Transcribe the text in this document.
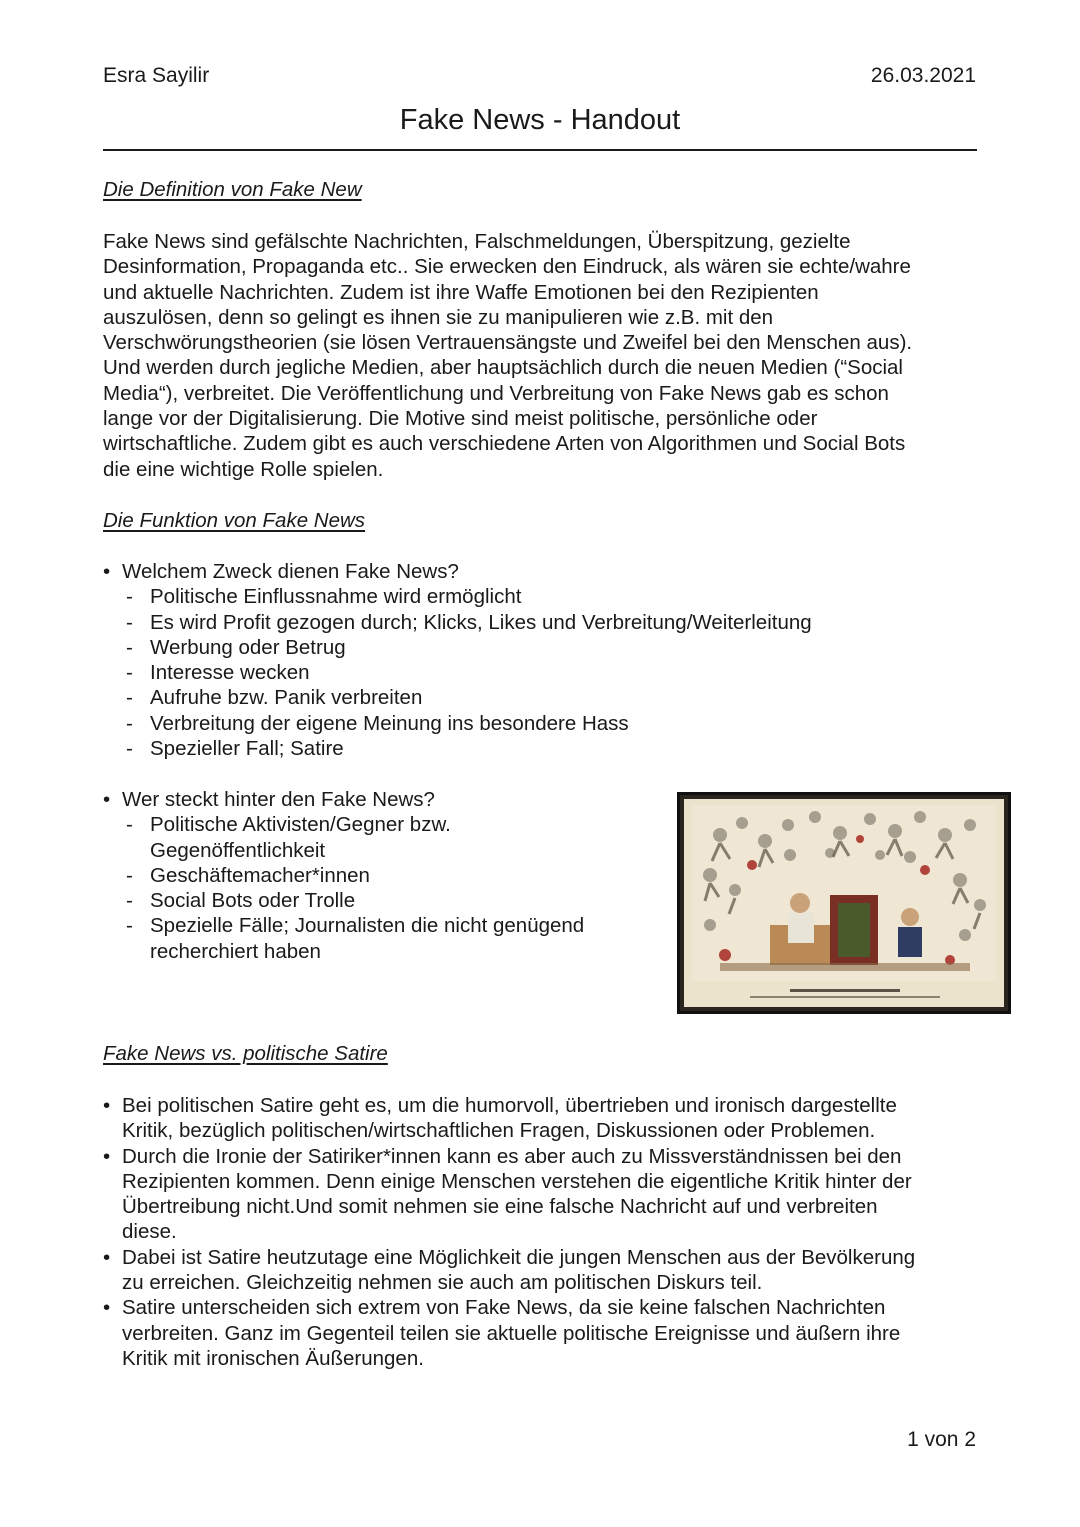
Esra Sayilir	26.03.2021
Fake News - Handout
Die Definition von Fake New
Fake News sind gefälschte Nachrichten, Falschmeldungen, Überspitzung, gezielte
Desinformation, Propaganda etc.. Sie erwecken den Eindruck, als wären sie echte/wahre
und aktuelle Nachrichten. Zudem ist ihre Waffe Emotionen bei den Rezipienten
auszulösen, denn so gelingt es ihnen sie zu manipulieren wie z.B. mit den
Verschwörungstheorien (sie lösen Vertrauensängste und Zweifel bei den Menschen aus).
Und werden durch jegliche Medien, aber hauptsächlich durch die neuen Medien (“Social
Media“), verbreitet. Die Veröffentlichung und Verbreitung von Fake News gab es schon
lange vor der Digitalisierung. Die Motive sind meist politische, persönliche oder
wirtschaftliche. Zudem gibt es auch verschiedene Arten von Algorithmen und Social Bots
die eine wichtige Rolle spielen.
Die Funktion von Fake News
• Welchem Zweck dienen Fake News?
- Politische Einflussnahme wird ermöglicht
- Es wird Profit gezogen durch; Klicks, Likes und Verbreitung/Weiterleitung
- Werbung oder Betrug
- Interesse wecken
- Aufruhe bzw. Panik verbreiten
- Verbreitung der eigene Meinung ins besondere Hass
- Spezieller Fall; Satire
• Wer steckt hinter den Fake News?
- Politische Aktivisten/Gegner bzw.
Gegenöffentlichkeit
- Geschäftemacher*innen
- Social Bots oder Trolle
- Spezielle Fälle; Journalisten die nicht genügend
recherchiert haben
Fake News vs. politische Satire
• Bei politischen Satire geht es, um die humorvoll, übertrieben und ironisch dargestellte
Kritik, bezüglich politischen/wirtschaftlichen Fragen, Diskussionen oder Problemen.
• Durch die Ironie der Satiriker*innen kann es aber auch zu Missverständnissen bei den
Rezipienten kommen. Denn einige Menschen verstehen die eigentliche Kritik hinter der
Übertreibung nicht.Und somit nehmen sie eine falsche Nachricht auf und verbreiten
diese.
• Dabei ist Satire heutzutage eine Möglichkeit die jungen Menschen aus der Bevölkerung
zu erreichen. Gleichzeitig nehmen sie auch am politischen Diskurs teil.
• Satire unterscheiden sich extrem von Fake News, da sie keine falschen Nachrichten
verbreiten. Ganz im Gegenteil teilen sie aktuelle politische Ereignisse und äußern ihre
Kritik mit ironischen Äußerungen.
1 von 2
